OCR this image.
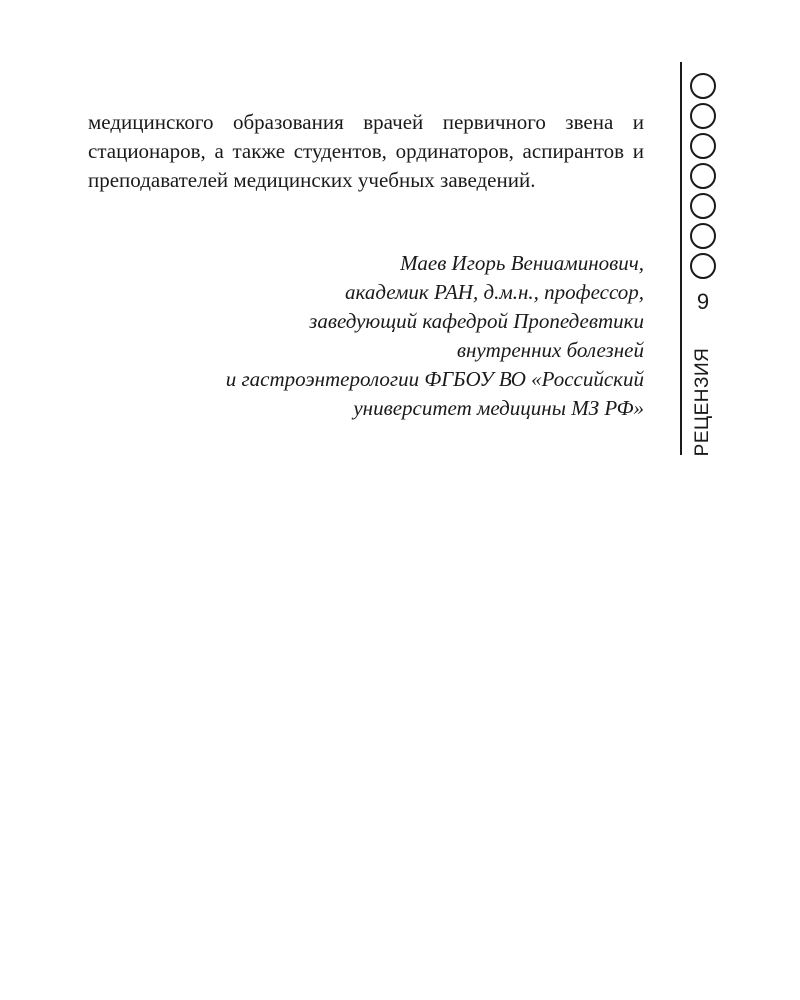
медицинского образования врачей первичного звена и стационаров, а также студентов, ординаторов, аспирантов и преподавателей медицинских учебных заведений.

Маев Игорь Вениаминович,
академик РАН, д.м.н., профессор,
заведующий кафедрой Пропедевтики
внутренних болезней
и гастроэнтерологии ФГБОУ ВО «Российский
университет медицины МЗ РФ»
9
РЕЦЕНЗИЯ
